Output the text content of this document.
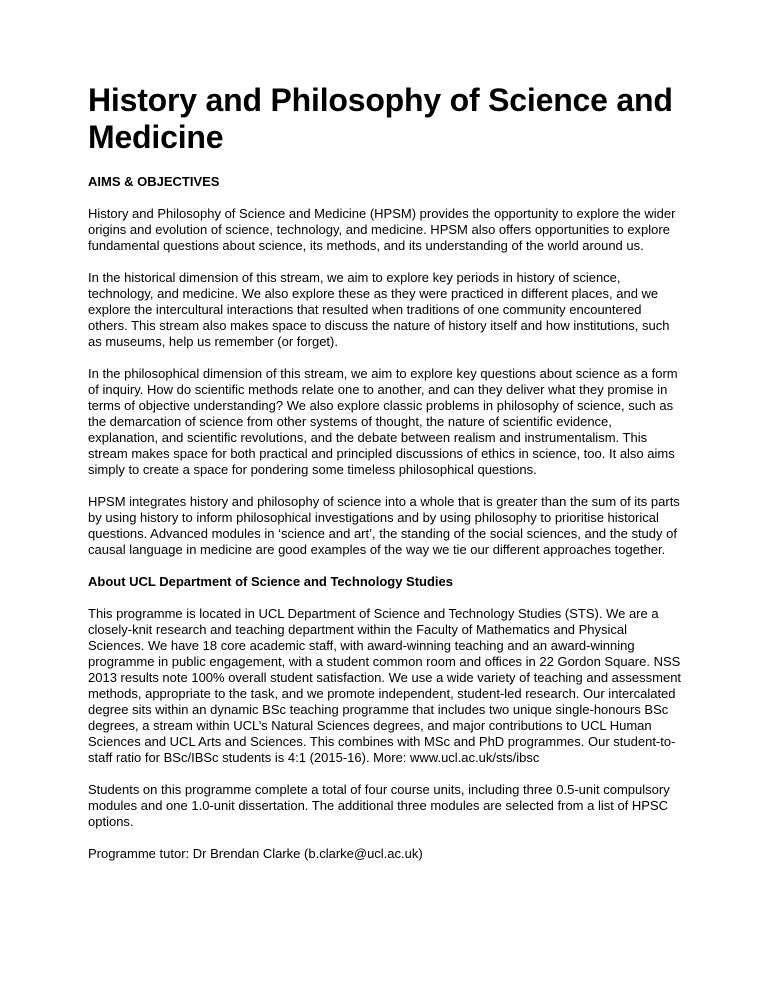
History and Philosophy of Science and Medicine
AIMS & OBJECTIVES

History and Philosophy of Science and Medicine (HPSM) provides the opportunity to explore the wider origins and evolution of science, technology, and medicine. HPSM also offers opportunities to explore fundamental questions about science, its methods, and its understanding of the world around us.

In the historical dimension of this stream, we aim to explore key periods in history of science, technology, and medicine. We also explore these as they were practiced in different places, and we explore the intercultural interactions that resulted when traditions of one community encountered others. This stream also makes space to discuss the nature of history itself and how institutions, such as museums, help us remember (or forget).

In the philosophical dimension of this stream, we aim to explore key questions about science as a form of inquiry. How do scientific methods relate one to another, and can they deliver what they promise in terms of objective understanding? We also explore classic problems in philosophy of science, such as the demarcation of science from other systems of thought, the nature of scientific evidence, explanation, and scientific revolutions, and the debate between realism and instrumentalism. This stream makes space for both practical and principled discussions of ethics in science, too. It also aims simply to create a space for pondering some timeless philosophical questions.

HPSM integrates history and philosophy of science into a whole that is greater than the sum of its parts by using history to inform philosophical investigations and by using philosophy to prioritise historical questions. Advanced modules in ‘science and art’, the standing of the social sciences, and the study of causal language in medicine are good examples of the way we tie our different approaches together.

About UCL Department of Science and Technology Studies

This programme is located in UCL Department of Science and Technology Studies (STS). We are a closely-knit research and teaching department within the Faculty of Mathematics and Physical Sciences. We have 18 core academic staff, with award-winning teaching and an award-winning programme in public engagement, with a student common room and offices in 22 Gordon Square. NSS 2013 results note 100% overall student satisfaction. We use a wide variety of teaching and assessment methods, appropriate to the task, and we promote independent, student-led research. Our intercalated degree sits within an dynamic BSc teaching programme that includes two unique single-honours BSc degrees, a stream within UCL’s Natural Sciences degrees, and major contributions to UCL Human Sciences and UCL Arts and Sciences. This combines with MSc and PhD programmes. Our student-to-staff ratio for BSc/IBSc students is 4:1 (2015-16). More: www.ucl.ac.uk/sts/ibsc

Students on this programme complete a total of four course units, including three 0.5-unit compulsory modules and one 1.0-unit dissertation. The additional three modules are selected from a list of HPSC options.

Programme tutor: Dr Brendan Clarke (b.clarke@ucl.ac.uk)
